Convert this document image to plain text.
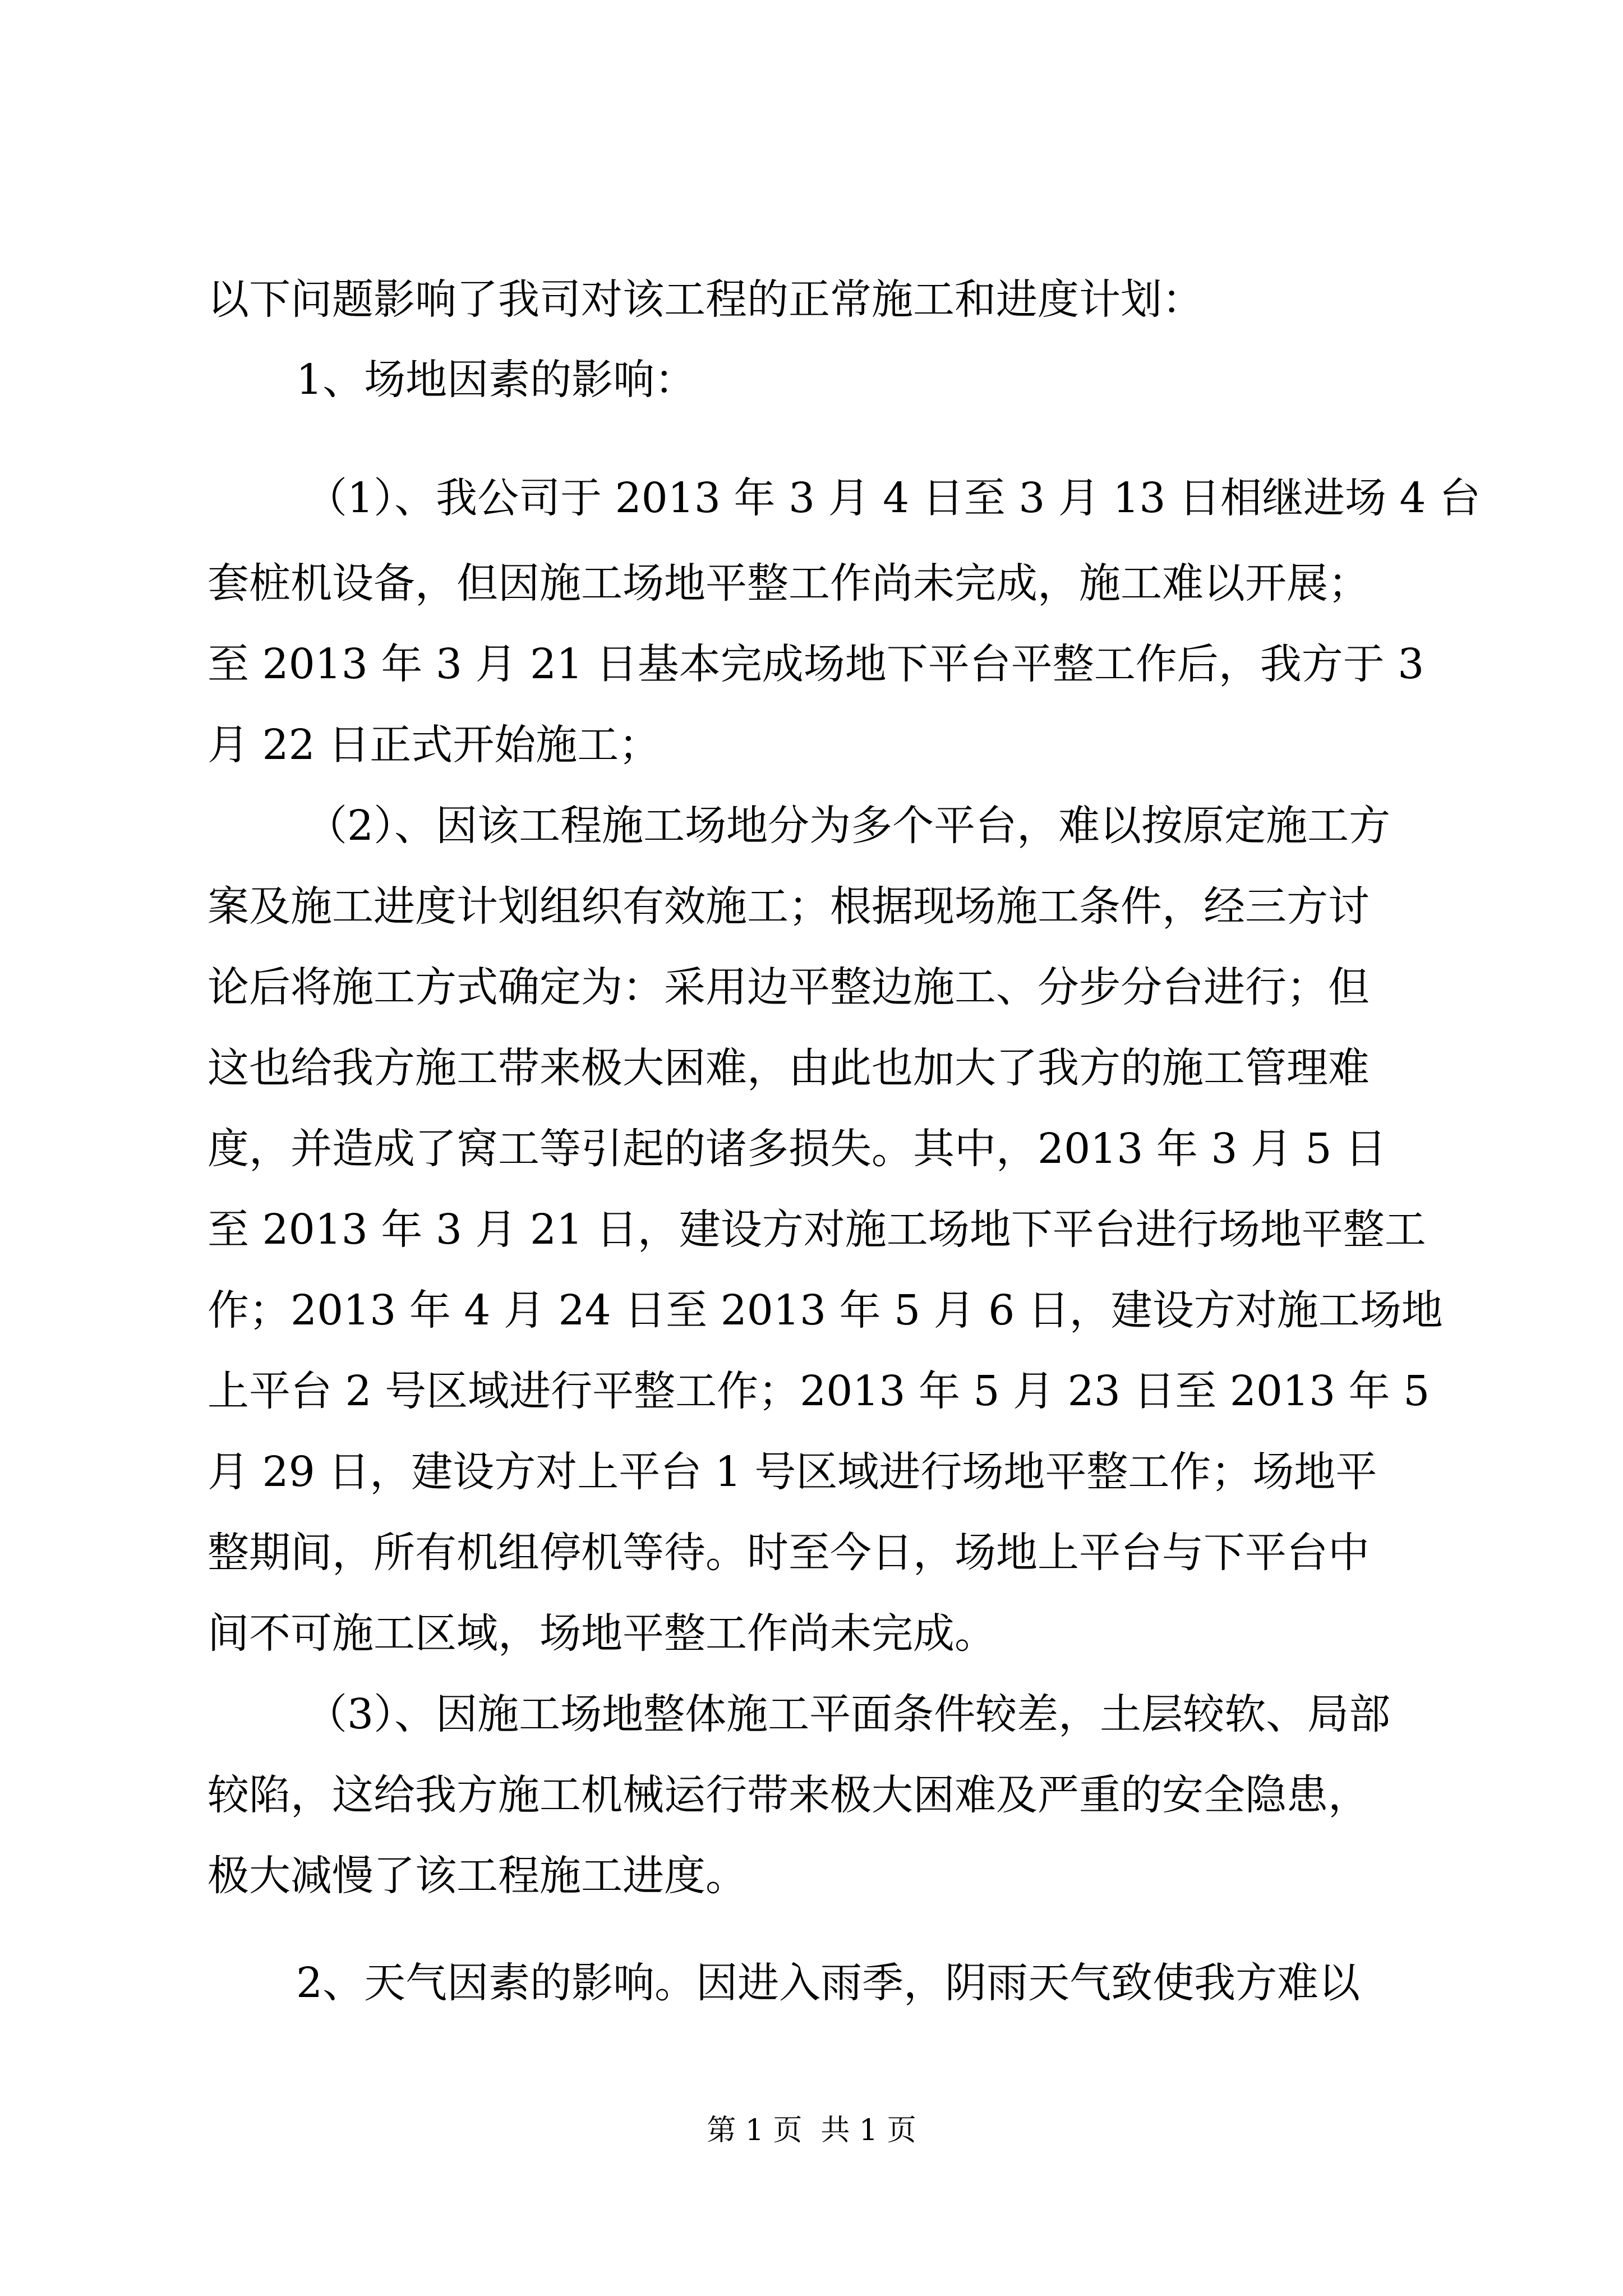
以下问题影响了我司对该工程的正常施工和进度计划：
1、场地因素的影响：
（1）、我公司于 2013 年 3 月 4 日至 3 月 13 日相继进场 4 台
套桩机设备，但因施工场地平整工作尚未完成，施工难以开展；
至 2013 年 3 月 21 日基本完成场地下平台平整工作后，我方于 3
月 22 日正式开始施工；
（2）、因该工程施工场地分为多个平台，难以按原定施工方
案及施工进度计划组织有效施工；根据现场施工条件，经三方讨
论后将施工方式确定为：采用边平整边施工、分步分台进行；但
这也给我方施工带来极大困难，由此也加大了我方的施工管理难
度，并造成了窝工等引起的诸多损失。其中，2013 年 3 月 5 日
至 2013 年 3 月 21 日，建设方对施工场地下平台进行场地平整工
作；2013 年 4 月 24 日至 2013 年 5 月 6 日，建设方对施工场地
上平台 2 号区域进行平整工作；2013 年 5 月 23 日至 2013 年 5
月 29 日，建设方对上平台 1 号区域进行场地平整工作；场地平
整期间，所有机组停机等待。时至今日，场地上平台与下平台中
间不可施工区域，场地平整工作尚未完成。
（3）、因施工场地整体施工平面条件较差，土层较软、局部
较陷，这给我方施工机械运行带来极大困难及严重的安全隐患，
极大减慢了该工程施工进度。
2、天气因素的影响。因进入雨季，阴雨天气致使我方难以
第 1 页  共 1 页
